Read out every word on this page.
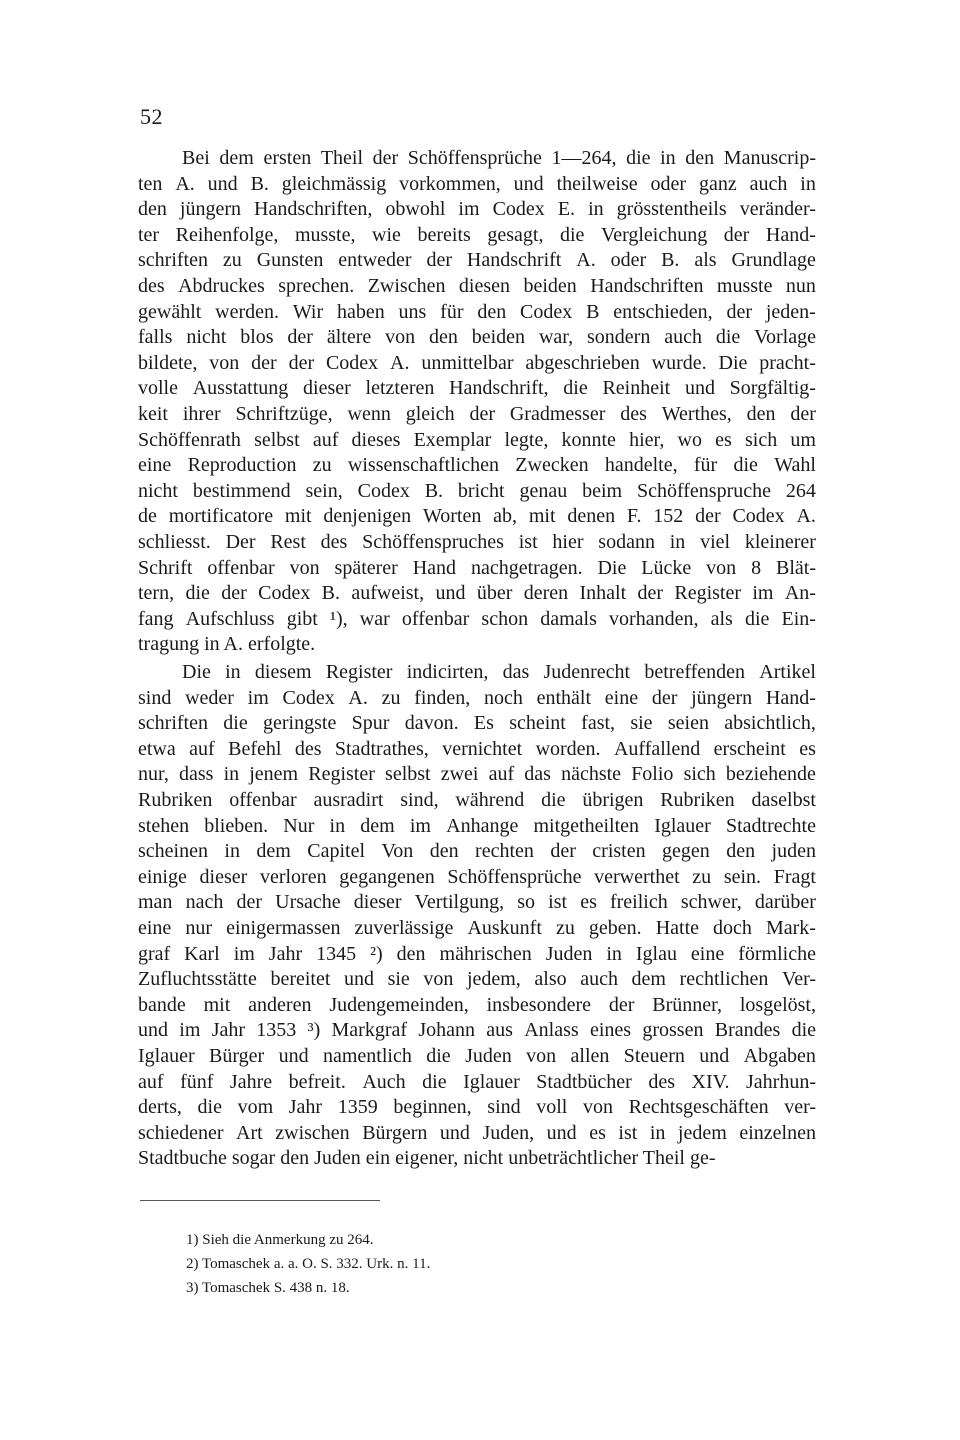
52
Bei dem ersten Theil der Schöffensprüche 1—264, die in den Manuscrip-
ten A. und B. gleichmässig vorkommen, und theilweise oder ganz auch in
den jüngern Handschriften, obwohl im Codex E. in grösstentheils veränder-
ter Reihenfolge, musste, wie bereits gesagt, die Vergleichung der Hand-
schriften zu Gunsten entweder der Handschrift A. oder B. als Grundlage
des Abdruckes sprechen. Zwischen diesen beiden Handschriften musste nun
gewählt werden. Wir haben uns für den Codex B entschieden, der jeden-
falls nicht blos der ältere von den beiden war, sondern auch die Vorlage
bildete, von der der Codex A. unmittelbar abgeschrieben wurde. Die pracht-
volle Ausstattung dieser letzteren Handschrift, die Reinheit und Sorgfältig-
keit ihrer Schriftzüge, wenn gleich der Gradmesser des Werthes, den der
Schöffenrath selbst auf dieses Exemplar legte, konnte hier, wo es sich um
eine Reproduction zu wissenschaftlichen Zwecken handelte, für die Wahl
nicht bestimmend sein, Codex B. bricht genau beim Schöffenspruche 264
de mortificatore mit denjenigen Worten ab, mit denen F. 152 der Codex A.
schliesst. Der Rest des Schöffenspruches ist hier sodann in viel kleinerer
Schrift offenbar von späterer Hand nachgetragen. Die Lücke von 8 Blät-
tern, die der Codex B. aufweist, und über deren Inhalt der Register im An-
fang Aufschluss gibt ¹), war offenbar schon damals vorhanden, als die Ein-
tragung in A. erfolgte.
Die in diesem Register indicirten, das Judenrecht betreffenden Artikel
sind weder im Codex A. zu finden, noch enthält eine der jüngern Hand-
schriften die geringste Spur davon. Es scheint fast, sie seien absichtlich,
etwa auf Befehl des Stadtrathes, vernichtet worden. Auffallend erscheint es
nur, dass in jenem Register selbst zwei auf das nächste Folio sich beziehende
Rubriken offenbar ausradirt sind, während die übrigen Rubriken daselbst
stehen blieben. Nur in dem im Anhange mitgetheilten Iglauer Stadtrechte
scheinen in dem Capitel Von den rechten der cristen gegen den juden
einige dieser verloren gegangenen Schöffensprüche verwerthet zu sein. Fragt
man nach der Ursache dieser Vertilgung, so ist es freilich schwer, darüber
eine nur einigermassen zuverlässige Auskunft zu geben. Hatte doch Mark-
graf Karl im Jahr 1345 ²) den mährischen Juden in Iglau eine förmliche
Zufluchtsstätte bereitet und sie von jedem, also auch dem rechtlichen Ver-
bande mit anderen Judengemeinden, insbesondere der Brünner, losgelöst,
und im Jahr 1353 ³) Markgraf Johann aus Anlass eines grossen Brandes die
Iglauer Bürger und namentlich die Juden von allen Steuern und Abgaben
auf fünf Jahre befreit. Auch die Iglauer Stadtbücher des XIV. Jahrhun-
derts, die vom Jahr 1359 beginnen, sind voll von Rechtsgeschäften ver-
schiedener Art zwischen Bürgern und Juden, und es ist in jedem einzelnen
Stadtbuche sogar den Juden ein eigener, nicht unbeträchtlicher Theil ge-
1) Sieh die Anmerkung zu 264.
2) Tomaschek a. a. O. S. 332. Urk. n. 11.
3) Tomaschek S. 438 n. 18.
